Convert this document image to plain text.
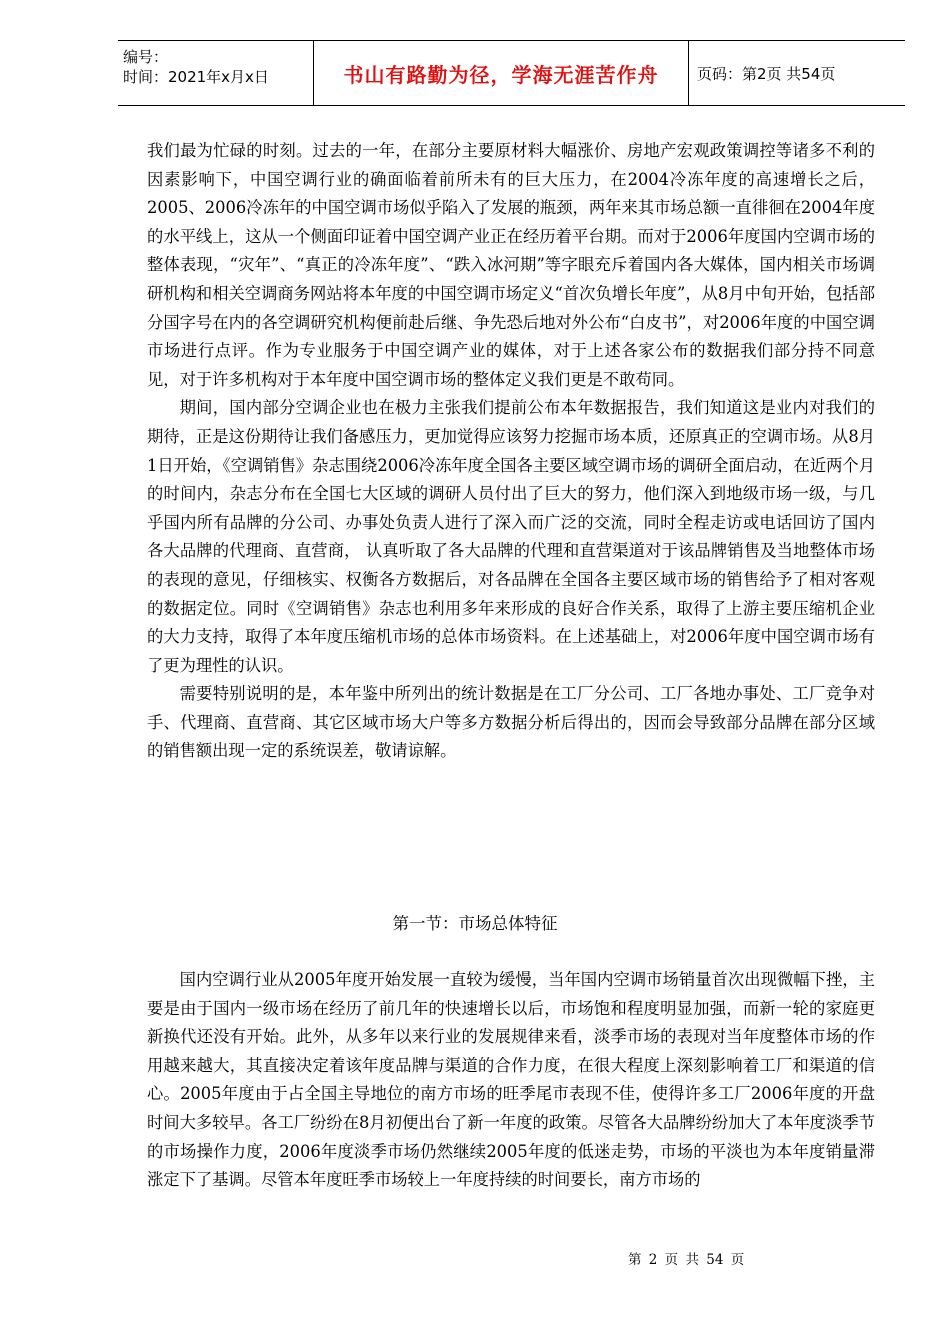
编号：
时间：2021年x月x日	书山有路勤为径，学海无涯苦作舟	页码：第2页 共54页

我们最为忙碌的时刻。过去的一年，在部分主要原材料大幅涨价、房地产宏观政策调控等诸多不利的因素影响下，中国空调行业的确面临着前所未有的巨大压力，在2004冷冻年度的高速增长之后，2005、2006冷冻年的中国空调市场似乎陷入了发展的瓶颈，两年来其市场总额一直徘徊在2004年度的水平线上，这从一个侧面印证着中国空调产业正在经历着平台期。而对于2006年度国内空调市场的整体表现，“灾年”、“真正的冷冻年度”、“跌入冰河期”等字眼充斥着国内各大媒体，国内相关市场调研机构和相关空调商务网站将本年度的中国空调市场定义“首次负增长年度”，从8月中旬开始，包括部分国字号在内的各空调研究机构便前赴后继、争先恐后地对外公布“白皮书”，对2006年度的中国空调市场进行点评。作为专业服务于中国空调产业的媒体，对于上述各家公布的数据我们部分持不同意见，对于许多机构对于本年度中国空调市场的整体定义我们更是不敢苟同。

期间，国内部分空调企业也在极力主张我们提前公布本年数据报告，我们知道这是业内对我们的期待，正是这份期待让我们备感压力，更加觉得应该努力挖掘市场本质，还原真正的空调市场。从8月1日开始，《空调销售》杂志围绕2006冷冻年度全国各主要区域空调市场的调研全面启动，在近两个月的时间内，杂志分布在全国七大区域的调研人员付出了巨大的努力，他们深入到地级市场一级，与几乎国内所有品牌的分公司、办事处负责人进行了深入而广泛的交流，同时全程走访或电话回访了国内各大品牌的代理商、直营商， 认真听取了各大品牌的代理和直营渠道对于该品牌销售及当地整体市场的表现的意见，仔细核实、权衡各方数据后，对各品牌在全国各主要区域市场的销售给予了相对客观的数据定位。同时《空调销售》杂志也利用多年来形成的良好合作关系，取得了上游主要压缩机企业的大力支持，取得了本年度压缩机市场的总体市场资料。在上述基础上，对2006年度中国空调市场有了更为理性的认识。

需要特别说明的是，本年鉴中所列出的统计数据是在工厂分公司、工厂各地办事处、工厂竞争对手、代理商、直营商、其它区域市场大户等多方数据分析后得出的，因而会导致部分品牌在部分区域的销售额出现一定的系统误差，敬请谅解。

第一节：市场总体特征

国内空调行业从2005年度开始发展一直较为缓慢，当年国内空调市场销量首次出现微幅下挫，主要是由于国内一级市场在经历了前几年的快速增长以后，市场饱和程度明显加强，而新一轮的家庭更新换代还没有开始。此外，从多年以来行业的发展规律来看，淡季市场的表现对当年度整体市场的作用越来越大，其直接决定着该年度品牌与渠道的合作力度，在很大程度上深刻影响着工厂和渠道的信心。2005年度由于占全国主导地位的南方市场的旺季尾市表现不佳，使得许多工厂2006年度的开盘时间大多较早。各工厂纷纷在8月初便出台了新一年度的政策。尽管各大品牌纷纷加大了本年度淡季节的市场操作力度，2006年度淡季市场仍然继续2005年度的低迷走势，市场的平淡也为本年度销量滞涨定下了基调。尽管本年度旺季市场较上一年度持续的时间要长，南方市场的

第 2 页 共 54 页
